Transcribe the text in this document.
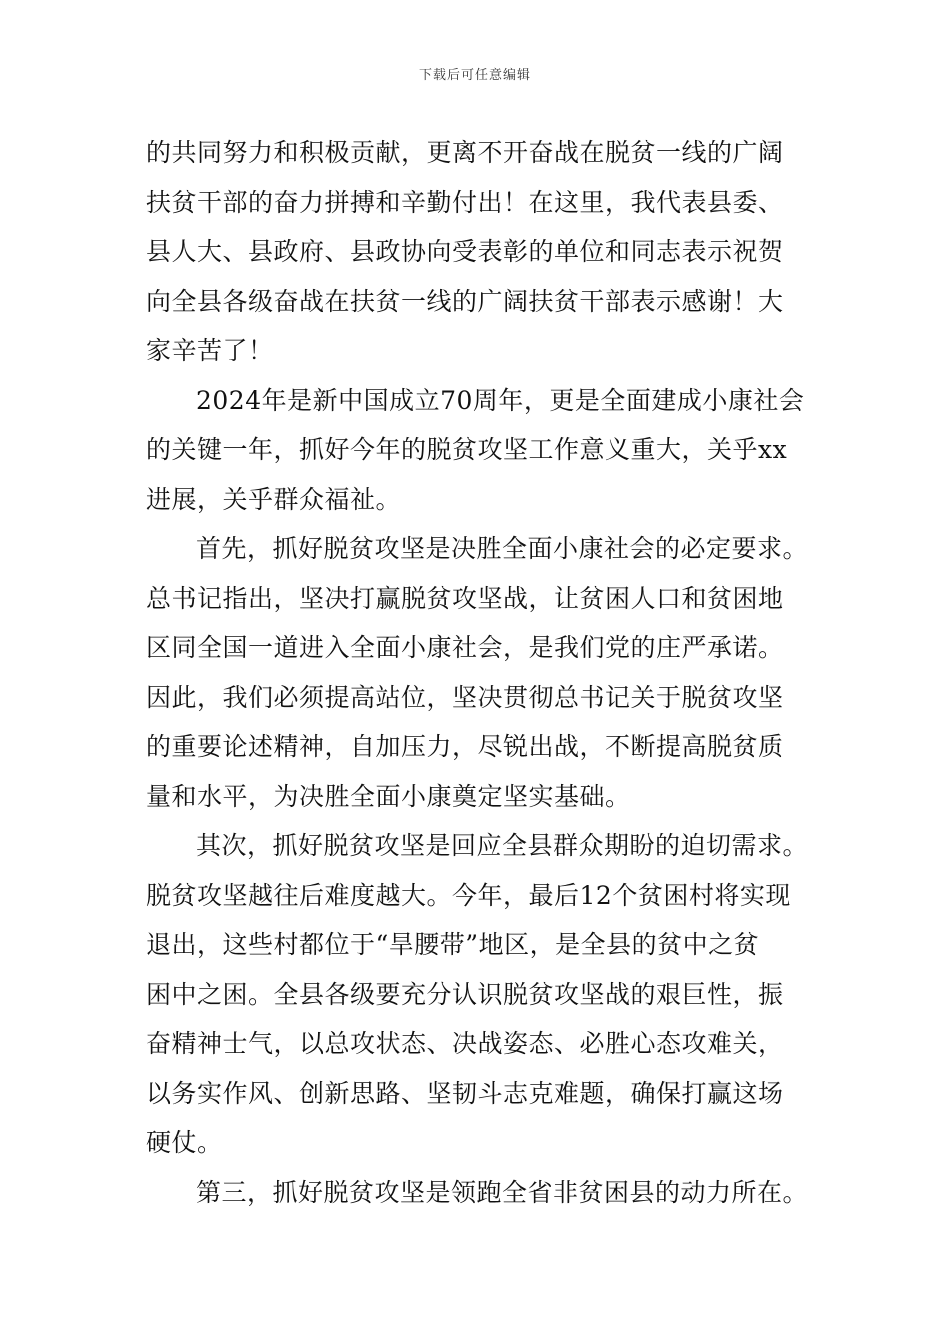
下载后可任意编辑
的共同努力和积极贡献，更离不开奋战在脱贫一线的广阔
扶贫干部的奋力拼搏和辛勤付出！在这里，我代表县委、
县人大、县政府、县政协向受表彰的单位和同志表示祝贺
向全县各级奋战在扶贫一线的广阔扶贫干部表示感谢！大
家辛苦了！
2024年是新中国成立70周年，更是全面建成小康社会
的关键一年，抓好今年的脱贫攻坚工作意义重大，关乎xx
进展，关乎群众福祉。
首先，抓好脱贫攻坚是决胜全面小康社会的必定要求。
总书记指出，坚决打赢脱贫攻坚战，让贫困人口和贫困地
区同全国一道进入全面小康社会，是我们党的庄严承诺。
因此，我们必须提高站位，坚决贯彻总书记关于脱贫攻坚
的重要论述精神，自加压力，尽锐出战，不断提高脱贫质
量和水平，为决胜全面小康奠定坚实基础。
其次，抓好脱贫攻坚是回应全县群众期盼的迫切需求。
脱贫攻坚越往后难度越大。今年，最后12个贫困村将实现
退出，这些村都位于“旱腰带”地区，是全县的贫中之贫
困中之困。全县各级要充分认识脱贫攻坚战的艰巨性，振
奋精神士气，以总攻状态、决战姿态、必胜心态攻难关，
以务实作风、创新思路、坚韧斗志克难题，确保打赢这场
硬仗。
第三，抓好脱贫攻坚是领跑全省非贫困县的动力所在。
